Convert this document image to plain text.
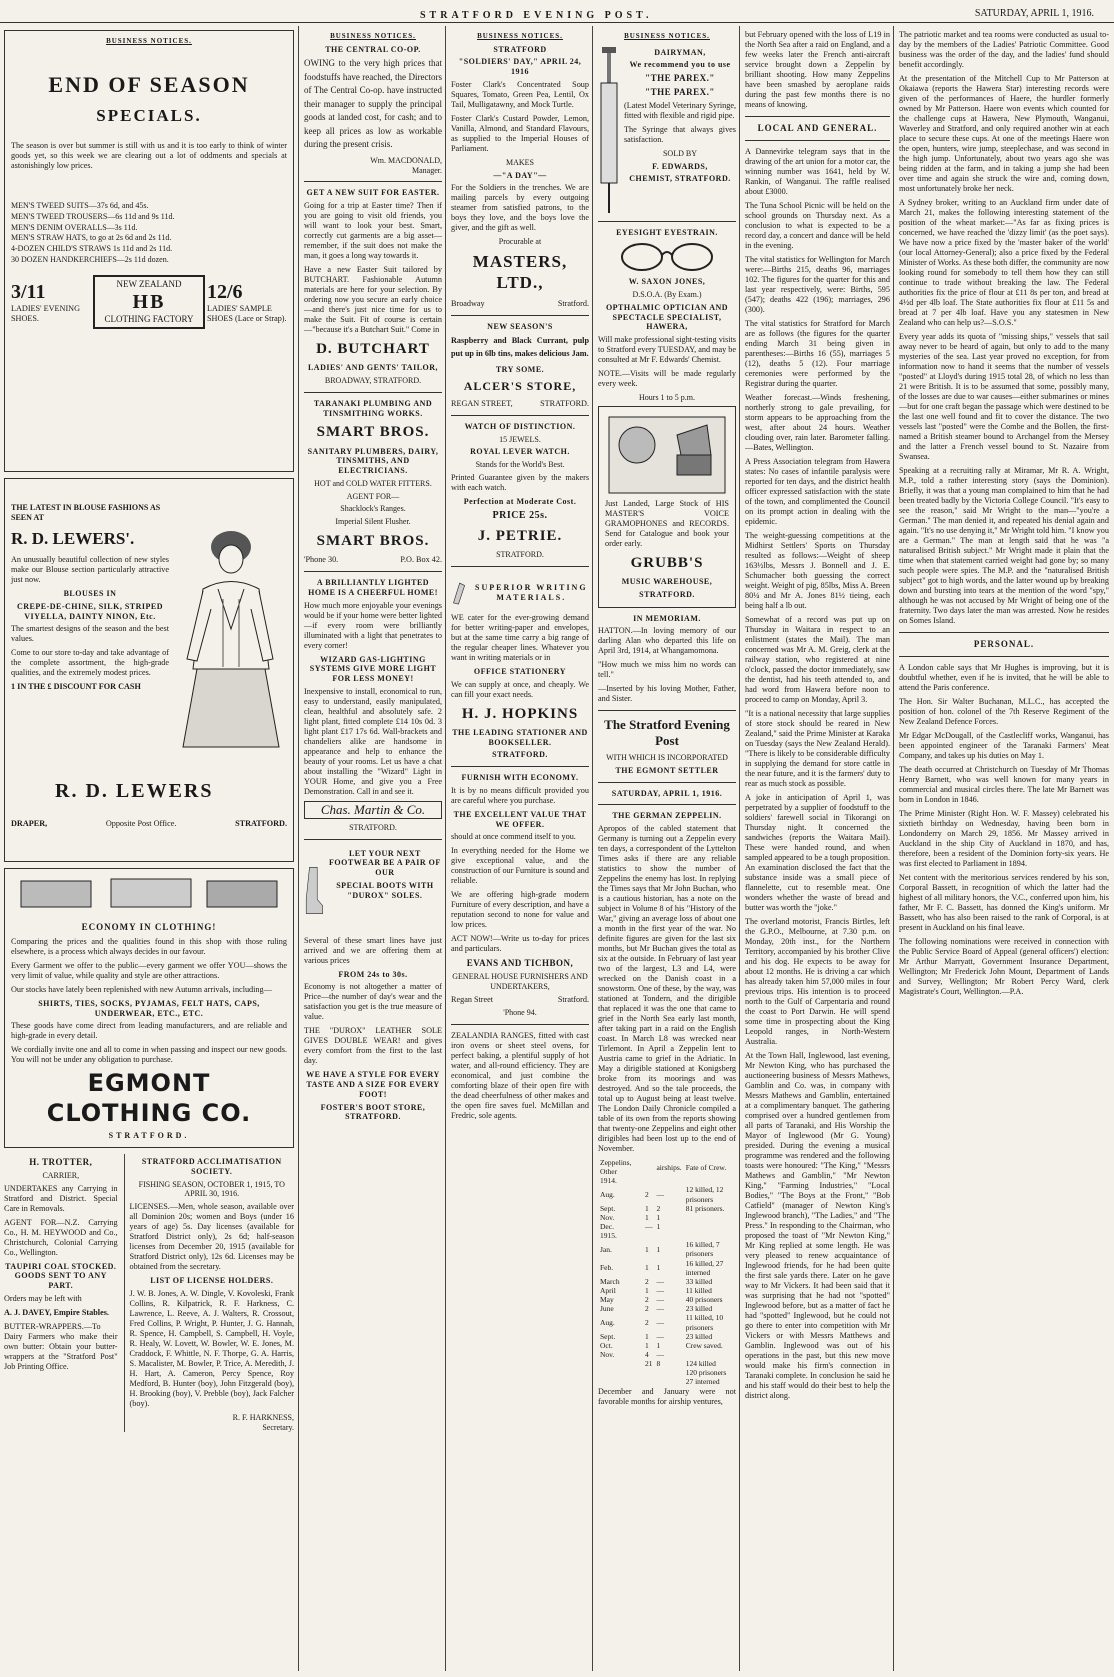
STRATFORD EVENING POST.	SATURDAY, APRIL 1, 1916.
BUSINESS NOTICES.
END OF SEASON
SPECIALS.

The season is over but summer is still with us and it is too early to think of winter goods yet, so this week we are clearing out a lot of oddments and specials at astonishingly low prices.

MEN'S TWEED SUITS—37s 6d, and 45s.
MEN'S TWEED TROUSERS—6s 11d and 9s 11d.
MEN'S DENIM OVERALLS—3s 11d.
MEN'S STRAW HATS, to go at 2s 6d and 2s 11d.
4-DOZEN CHILD'S STRAWS 1s 11d and 2s 11d.
30 DOZEN HANDKERCHIEFS—2s 11d dozen.
3/11
LADIES' EVENING SHOES.
NEW ZEALAND
HB
CLOTHING FACTORY
12/6
LADIES' SAMPLE SHOES (Lace or Strap).
THE LATEST IN BLOUSE FASHIONS AS SEEN AT
R. D. LEWERS'.

An unusually beautiful collection of new styles make our Blouse section particularly attractive just now.

BLOUSES IN
CREPE-DE-CHINE, SILK, STRIPED VIYELLA, DAINTY NINON, Etc.

The smartest designs of the season and the best values.

Come to our store to-day and take advantage of the complete assortment, the high-grade qualities, and the extremely modest prices.

1 IN THE £ DISCOUNT FOR CASH
R. D. LEWERS
DRAPER,	Opposite Post Office.	STRATFORD.
ECONOMY IN CLOTHING!

Comparing the prices and the qualities found in this shop with those ruling elsewhere, is a process which always decides in our favour.

Every Garment we offer to the public—every garment we offer YOU—shows the very limit of value, while quality and style are other attractions.

Our stocks have lately been replenished with new Autumn arrivals, including—

SHIRTS, TIES, SOCKS, PYJAMAS, FELT HATS, CAPS, UNDERWEAR, ETC., ETC.

These goods have come direct from leading manufacturers, and are reliable and high-grade in every detail.

We cordially invite one and all to come in when passing and inspect our new goods. You will not be under any obligation to purchase.

EGMONT CLOTHING CO.
STRATFORD.
H. TROTTER,
CARRIER,

UNDERTAKES any Carrying in Stratford and District. Special Care in Removals.

AGENT FOR—N.Z. Carrying Co., H. M. HEYWOOD and Co., Christchurch, Colonial Carrying Co., Wellington.

TAUPIRI COAL STOCKED. GOODS SENT TO ANY PART.

Orders may be left with

A. J. DAVEY, Empire Stables.

BUTTER-WRAPPERS.—To Dairy Farmers who make their own butter: Obtain your butter-wrappers at the "Stratford Post" Job Printing Office.

STRATFORD ACCLIMATISATION SOCIETY.
FISHING SEASON, OCTOBER 1, 1915, TO APRIL 30, 1916.

LICENSES.—Men, whole season, available over all Dominion 20s; women and Boys (under 16 years of age) 5s. Day licenses (available for Stratford District only), 2s 6d; half-season licenses from December 20, 1915 (available for Stratford District only), 12s 6d. Licenses may be obtained from the secretary.

LIST OF LICENSE HOLDERS.

J. W. B. Jones, A. W. Dingle, V. Kovoleski, Frank Collins, R. Kilpatrick, R. F. Harkness, C. Lawrence, L. Reeve, A. J. Walters, R. Crossout, Fred Collins, P. Wright, P. Hunter, J. G. Hannah, R. Spence, H. Campbell, S. Campbell, H. Voyle, R. Healy, W. Lovett, W. Bowler, W. E. Jones, M. Craddock, F. Whittle, N. F. Thorpe, G. A. Harris, S. Macalister, M. Bowler, P. Trice, A. Meredith, J. H. Hart, A. Cameron, Percy Spence, Roy Medford, B. Hunter (boy), John Fitzgerald (boy), H. Brooking (boy), V. Prebble (boy), Jack Falcher (boy).

R. F. HARKNESS,
Secretary.
BUSINESS NOTICES.
THE CENTRAL CO-OP.

OWING to the very high prices that foodstuffs have reached, the Directors of The Central Co-op. have instructed their manager to supply the principal goods at landed cost, for cash; and to keep all prices as low as workable during the present crisis.

Wm. MACDONALD,
Manager.
GET A NEW SUIT FOR EASTER.

Going for a trip at Easter time? Then if you are going to visit old friends, you will want to look your best. Smart, correctly cut garments are a big asset—remember, if the suit does not make the man, it goes a long way towards it.

Have a new Easter Suit tailored by BUTCHART. Fashionable Autumn materials are here for your selection. By ordering now you secure an early choice—and there's just nice time for us to make the Suit. Fit of course is certain—"because it's a Butchart Suit." Come in

D. BUTCHART
LADIES' AND GENTS' TAILOR,
BROADWAY, STRATFORD.
TARANAKI PLUMBING AND TINSMITHING WORKS.
SMART BROS.
SANITARY PLUMBERS, DAIRY, TINSMITHS, AND ELECTRICIANS.
HOT and COLD WATER FITTERS.
AGENT FOR—
Shacklock's Ranges.
Imperial Silent Flusher.
SMART BROS.
'Phone 30.	P.O. Box 42.
A BRILLIANTLY LIGHTED HOME IS A CHEERFUL HOME!

How much more enjoyable your evenings would be if your home were better lighted—if every room were brilliantly illuminated with a light that penetrates to every corner!

WIZARD GAS-LIGHTING SYSTEMS GIVE MORE LIGHT FOR LESS MONEY!

Inexpensive to install, economical to run, easy to understand, easily manipulated, clean, healthful and absolutely safe. 2 light plant, fitted complete £14 10s 0d. 3 light plant £17 17s 6d. Wall-brackets and chandeliers alike are handsome in appearance and help to enhance the beauty of your rooms. Let us have a chat about installing the "Wizard" Light in YOUR Home, and give you a Free Demonstration. Call in and see it.

Chas. Martin & Co.
STRATFORD.
LET YOUR NEXT FOOTWEAR BE A PAIR OF OUR
SPECIAL BOOTS WITH "DUROX" SOLES.

Several of these smart lines have just arrived and we are offering them at various prices

FROM 24s to 30s.

Economy is not altogether a matter of Price—the number of day's wear and the satisfaction you get is the true measure of value.

THE "DUROX" LEATHER SOLE GIVES DOUBLE WEAR! and gives every comfort from the first to the last day.

WE HAVE A STYLE FOR EVERY TASTE AND A SIZE FOR EVERY FOOT!
FOSTER'S BOOT STORE, STRATFORD.
BUSINESS NOTICES.
STRATFORD
"SOLDIERS' DAY," APRIL 24, 1916

Foster Clark's Concentrated Soup Squares, Tomato, Green Pea, Lentil, Ox Tail, Mulligatawny, and Mock Turtle.

Foster Clark's Custard Powder, Lemon, Vanilla, Almond, and Standard Flavours, as supplied to the Imperial Houses of Parliament.

MAKES
—"A DAY"—

For the Soldiers in the trenches. We are mailing parcels by every outgoing steamer from satisfied patrons, to the boys they love, and the boys love the giver, and the gift as well.

Procurable at
MASTERS, LTD.,
Broadway	Stratford.
NEW SEASON'S

Raspberry and Black Currant, pulp put up in 6lb tins, makes delicious Jam.

TRY SOME.
ALCER'S STORE,
REGAN STREET,	STRATFORD.
WATCH OF DISTINCTION.
15 JEWELS.
ROYAL LEVER WATCH.
Stands for the World's Best.

Printed Guarantee given by the makers with each watch.

Perfection at Moderate Cost.
PRICE 25s.
J. PETRIE.
STRATFORD.
SUPERIOR WRITING MATERIALS.

WE cater for the ever-growing demand for better writing-paper and envelopes, but at the same time carry a big range of the regular cheaper lines. Whatever you want in writing materials or in

OFFICE STATIONERY

We can supply at once, and cheaply. We can fill your exact needs.

H. J. HOPKINS
THE LEADING STATIONER AND BOOKSELLER.
STRATFORD.
FURNISH WITH ECONOMY.

It is by no means difficult provided you are careful where you purchase.

THE EXCELLENT VALUE THAT WE OFFER.

should at once commend itself to you.

In everything needed for the Home we give exceptional value, and the construction of our Furniture is sound and reliable.

We are offering high-grade modern Furniture of every description, and have a reputation second to none for value and low prices.

ACT NOW!—Write us to-day for prices and particulars.

EVANS AND TICHBON,
GENERAL HOUSE FURNISHERS AND UNDERTAKERS,
Regan Street	Stratford.
'Phone 94.

ZEALANDIA RANGES, fitted with cast iron ovens or sheet steel ovens, for perfect baking, a plentiful supply of hot water, and all-round efficiency. They are economical, and just combine the comforting blaze of their open fire with the dead cheerfulness of other makes and the open fire saves fuel. McMillan and Fredric, sole agents.

BUSINESS NOTICES.
DAIRYMAN,
We recommend you to use
"THE PAREX."
"THE PAREX."

(Latest Model Veterinary Syringe, fitted with flexible and rigid pipe.

The Syringe that always gives satisfaction.

SOLD BY
F. EDWARDS,
CHEMIST, STRATFORD.
EYESIGHT EYESTRAIN.
W. SAXON JONES,
D.S.O.A. (By Exam.)
OPTHALMIC OPTICIAN AND SPECTACLE SPECIALIST, HAWERA,

Will make professional sight-testing visits to Stratford every TUESDAY, and may be consulted at Mr F. Edwards' Chemist.

NOTE.—Visits will be made regularly every week.

Hours 1 to 5 p.m.

Just Landed, Large Stock of HIS MASTER'S VOICE GRAMOPHONES and RECORDS. Send for Catalogue and book your order early.

GRUBB'S
MUSIC WAREHOUSE,
STRATFORD.
IN MEMORIAM.

HATTON.—In loving memory of our darling Alan who departed this life on April 3rd, 1914, at Whangamomona.

"How much we miss him no words can tell."

—Inserted by his loving Mother, Father, and Sister.

The Stratford Evening Post
WITH WHICH IS INCORPORATED
THE EGMONT SETTLER
SATURDAY, APRIL 1, 1916.
THE GERMAN ZEPPELIN.

Apropos of the cabled statement that Germany is turning out a Zeppelin every ten days, a correspondent of the Lyttelton Times asks if there are any reliable statistics to show the number of Zeppelins the enemy has lost. In replying the Times says that Mr John Buchan, who is a cautious historian, has a note on the subject in Volume 8 of his "History of the War," giving an average loss of about one a month in the first year of the war. No definite figures are given for the last six months, but Mr Buchan gives the total as six at the outside. In February of last year two of the largest, L3 and L4, were wrecked on the Danish coast in a snowstorm. One of these, by the way, was stationed at Tondern, and the dirigible that replaced it was the one that came to grief in the North Sea early last month, after taking part in a raid on the English coast. In March L8 was wrecked near Tirlemont. In April a Zeppelin lent to Austria came to grief in the Adriatic. In May a dirigible stationed at Konigsberg broke from its moorings and was destroyed. And so the tale proceeds, the total up to August being at least twelve. The London Daily Chronicle compiled a table of its own from the reports showing that twenty-one Zeppelins and eight other dirigibles had been lost up to the end of November.

Zeppelins, Other		airships.	Fate of Crew.
1914.			
Aug.	2	—	12 killed, 12 prisoners
Sept.	1	2	81 prisoners.
Nov.	1	1	
Dec.	—	1	
1915.			
Jan.	1	1	16 killed, 7 prisoners
Feb.	1	1	16 killed, 27 interned
March	2	—	33 killed
April	1	—	11 killed
May	2	—	40 prisoners
June	2	—	23 killed
Aug.	2	—	11 killed, 10 prisoners
Sept.	1	—	23 killed
Oct.	1	1	Crew saved.
Nov.	4	—	
	21	8	124 killed
			120 prisoners
			27 interned

December and January were not favorable months for airship ventures,

but February opened with the loss of L19 in the North Sea after a raid on England, and a few weeks later the French anti-aircraft service brought down a Zeppelin by brilliant shooting. How many Zeppelins have been smashed by aeroplane raids during the past few months there is no means of knowing.

LOCAL AND GENERAL.

A Dannevirke telegram says that in the drawing of the art union for a motor car, the winning number was 1641, held by W. Rankin, of Wanganui. The raffle realised about £3000.

The Tuna School Picnic will be held on the school grounds on Thursday next. As a conclusion to what is expected to be a record day, a concert and dance will be held in the evening.

The vital statistics for Wellington for March were:—Births 215, deaths 96, marriages 102. The figures for the quarter for this and last year respectively, were: Births, 595 (547); deaths 422 (196); marriages, 296 (300).

The vital statistics for Stratford for March are as follows (the figures for the quarter ending March 31 being given in parentheses:—Births 16 (55), marriages 5 (12), deaths 5 (12). Four marriage ceremonies were performed by the Registrar during the quarter.

Weather forecast.—Winds freshening, northerly strong to gale prevailing, for storm appears to be approaching from the west, after about 24 hours. Weather clouding over, rain later. Barometer falling.—Bates, Wellington.

A Press Association telegram from Hawera states: No cases of infantile paralysis were reported for ten days, and the district health officer expressed satisfaction with the state of the town, and complimented the Council on its prompt action in dealing with the epidemic.

The weight-guessing competitions at the Midhirst Settlers' Sports on Thursday resulted as follows:—Weight of sheep 163½lbs, Messrs J. Bonnell and J. E. Schumacher both guessing the correct weight. Weight of pig, 85lbs, Miss A. Breen 80¼ and Mr A. Jones 81½ tieing, each being half a lb out.

Somewhat of a record was put up on Thursday in Waitara in respect to an enlistment (states the Mail). The man concerned was Mr A. M. Greig, clerk at the railway station, who registered at nine o'clock, passed the doctor immediately, saw the dentist, had his teeth attended to, and had word from Hawera before noon to proceed to camp on Monday, April 3.

"It is a national necessity that large supplies of store stock should be reared in New Zealand," said the Prime Minister at Karaka on Tuesday (says the New Zealand Herald). "There is likely to be considerable difficulty in supplying the demand for store cattle in the near future, and it is the farmers' duty to rear as much stock as possible.

A joke in anticipation of April 1, was perpetrated by a supplier of foodstuff to the soldiers' farewell social in Tikorangi on Thursday night. It concerned the sandwiches (reports the Waitara Mail). These were handed round, and when sampled appeared to be a tough proposition. An examination disclosed the fact that the substance inside was a small piece of flannelette, cut to resemble meat. One wonders whether the waste of bread and butter was worth the "joke."

The overland motorist, Francis Birtles, left the G.P.O., Melbourne, at 7.30 p.m. on Monday, 20th inst., for the Northern Territory, accompanied by his brother Clive and his dog. He expects to be away for about 12 months. He is driving a car which has already taken him 57,000 miles in four previous trips. His intention is to proceed north to the Gulf of Carpentaria and round the coast to Port Darwin. He will spend some time in prospecting about the King Leopold ranges, in North-Western Australia.

At the Town Hall, Inglewood, last evening, Mr Newton King, who has purchased the auctioneering business of Messrs Mathews, Gamblin and Co. was, in company with Messrs Mathews and Gamblin, entertained at a complimentary banquet. The gathering comprised over a hundred gentlemen from all parts of Taranaki, and His Worship the Mayor of Inglewood (Mr G. Young) presided. During the evening a musical programme was rendered and the following toasts were honoured: "The King," "Messrs Mathews and Gamblin," "Mr Newton King," "Farming Industries," "Local Bodies," "The Boys at the Front," "Bob Catfield" (manager of Newton King's Inglewood branch), "The Ladies," and "The Press." In responding to the Chairman, who proposed the toast of "Mr Newton King," Mr King replied at some length. He was very pleased to renew acquaintance of Inglewood friends, for he had been quite the first sale yards there. Later on he gave way to Mr Vickers. It had been said that it was surprising that he had not "spotted" Inglewood before, but as a matter of fact he had "spotted" Inglewood, but he could not go there to enter into competition with Mr Vickers or with Messrs Matthews and Gamblin. Inglewood was out of his operations in the past, but this new move would make his firm's connection in Taranaki complete. In conclusion he said he and his staff would do their best to help the district along.

The patriotic market and tea rooms were conducted as usual to-day by the members of the Ladies' Patriotic Committee. Good business was the order of the day, and the ladies' fund should benefit accordingly.

At the presentation of the Mitchell Cup to Mr Patterson at Okaiawa (reports the Hawera Star) interesting records were given of the performances of Haere, the hurdler formerly owned by Mr Patterson. Haere won events which counted for the challenge cups at Hawera, New Plymouth, Wanganui, Waverley and Stratford, and only required another win at each place to secure these cups. At one of the meetings Haere won the open, hunters, wire jump, steeplechase, and was second in the high jump. Unfortunately, about two years ago she was being ridden at the farm, and in taking a jump she had been over time and again she struck the wire and, coming down, most unfortunately broke her neck.

A Sydney broker, writing to an Auckland firm under date of March 21, makes the following interesting statement of the position of the wheat market:—"As far as fixing prices is concerned, we have reached the 'dizzy limit' (as the poet says). We have now a price fixed by the 'master baker of the world' (our local Attorney-General); also a price fixed by the Federal Minister of Works. As these both differ, the community are now looking round for somebody to tell them how they can still continue to trade without breaking the law. The Federal authorities fix the price of flour at £11 8s per ton, and bread at 4½d per 4lb loaf. The State authorities fix flour at £11 5s and bread at 7 per 4lb loaf. Have you any statesmen in New Zealand who can help us?—S.O.S."

Every year adds its quota of "missing ships," vessels that sail away never to be heard of again, but only to add to the many mysteries of the sea. Last year proved no exception, for from information now to hand it seems that the number of vessels "posted" at Lloyd's during 1915 total 28, of which no less than 21 were British. It is to be assumed that some, possibly many, of the losses are due to war causes—either submarines or mines—but for one craft began the passage which were destined to be the last one well found and fit to cover the distance. The two vessels last "posted" were the Combe and the Bollen, the first-named a British steamer bound to Archangel from the Mersey and the latter a French vessel bound to St. Nazaire from Swansea.

Speaking at a recruiting rally at Miramar, Mr R. A. Wright, M.P., told a rather interesting story (says the Dominion). Briefly, it was that a young man complained to him that he had been treated badly by the Victoria College Council. "It's easy to see the reason," said Mr Wright to the man—"you're a German." The man denied it, and repeated his denial again and again. "It's no use denying it," Mr Wright told him. "I know you are a German." The man at length said that he was "a naturalised British subject." Mr Wright made it plain that the time when that statement carried weight had gone by; so many such people were spies. The M.P. and the "naturalised British subject" got to high words, and the latter wound up by breaking down and bursting into tears at the mention of the word "spy," although he was not accused by Mr Wright of being one of the fraternity. Two days later the man was arrested. Now he resides on Somes Island.

PERSONAL.

A London cable says that Mr Hughes is improving, but it is doubtful whether, even if he is invited, that he will be able to attend the Paris conference.

The Hon. Sir Walter Buchanan, M.L.C., has accepted the position of hon. colonel of the 7th Reserve Regiment of the New Zealand Defence Forces.

Mr Edgar McDougall, of the Castlecliff works, Wanganui, has been appointed engineer of the Taranaki Farmers' Meat Company, and takes up his duties on May 1.

The death occurred at Christchurch on Tuesday of Mr Thomas Henry Barnett, who was well known for many years in commercial and musical circles there. The late Mr Barnett was born in London in 1846.

The Prime Minister (Right Hon. W. F. Massey) celebrated his sixtieth birthday on Wednesday, having been born in Londonderry on March 29, 1856. Mr Massey arrived in Auckland in the ship City of Auckland in 1870, and has, therefore, been a resident of the Dominion forty-six years. He was first elected to Parliament in 1894.

Net content with the meritorious services rendered by his son, Corporal Bassett, in recognition of which the latter had the highest of all military honors, the V.C., conferred upon him, his father, Mr F. C. Bassett, has donned the King's uniform. Mr Bassett, who has also been raised to the rank of Corporal, is at present in Auckland on his final leave.

The following nominations were received in connection with the Public Service Board of Appeal (general officers') election: Mr Arthur Marryatt, Government Insurance Department, Wellington; Mr Frederick John Mount, Department of Lands and Survey, Wellington; Mr Robert Percy Ward, clerk Magistrate's Court, Wellington.—P.A.
